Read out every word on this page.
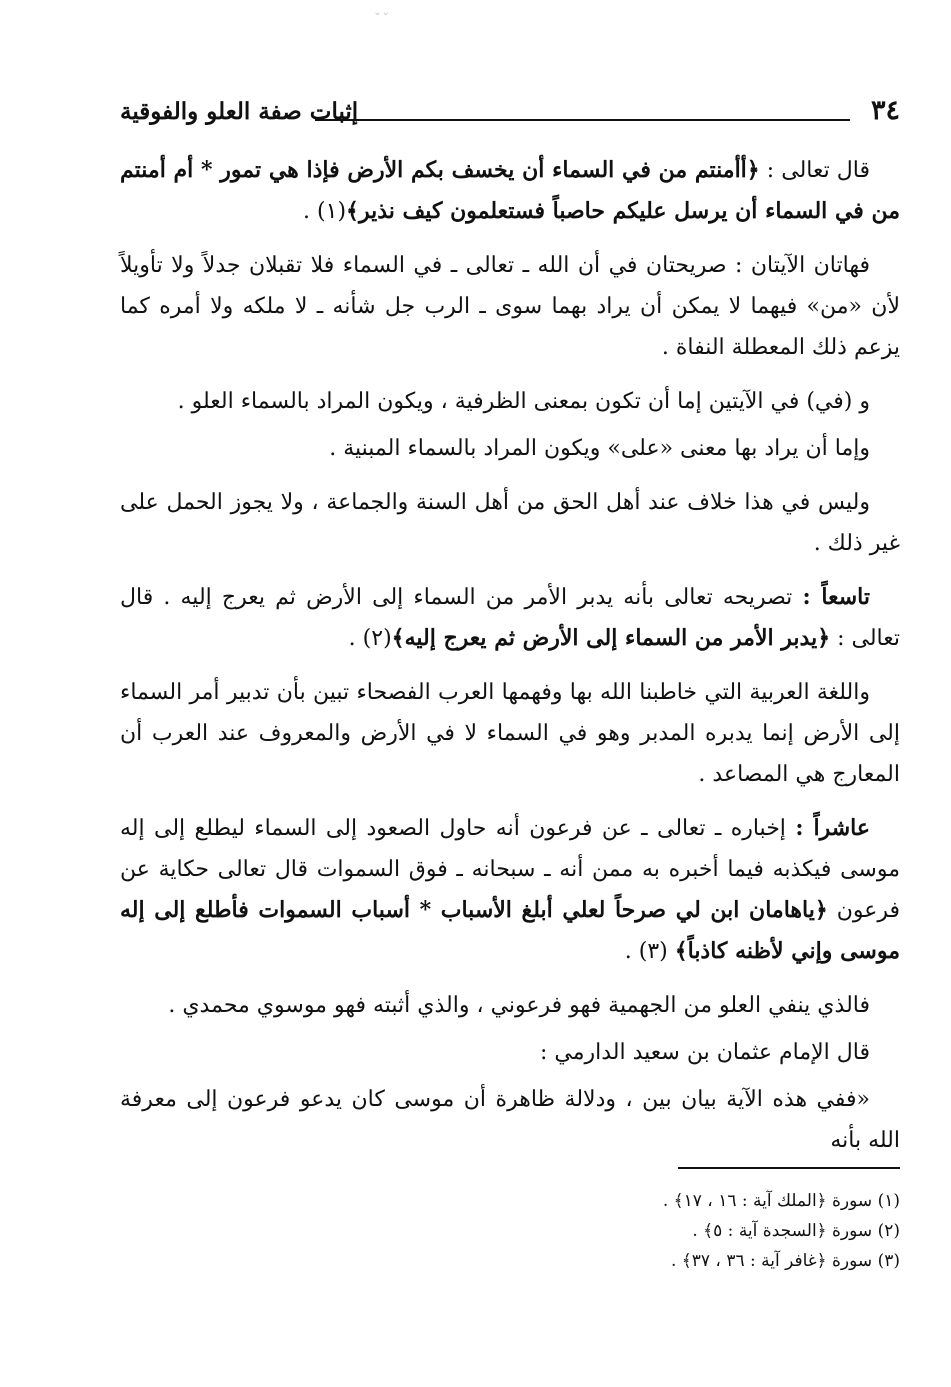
⌄⌄
٣٤
إثبات صفة العلو والفوقية

قال تعالى : ﴿أأمنتم من في السماء أن يخسف بكم الأرض فإذا هي تمور * أم أمنتم من في السماء أن يرسل عليكم حاصباً فستعلمون كيف نذير﴾(١) .

فهاتان الآيتان : صريحتان في أن الله ـ تعالى ـ في السماء فلا تقبلان جدلاً ولا تأويلاً لأن «من» فيهما لا يمكن أن يراد بهما سوى ـ الرب جل شأنه ـ لا ملكه ولا أمره كما يزعم ذلك المعطلة النفاة .

و (في) في الآيتين إما أن تكون بمعنى الظرفية ، ويكون المراد بالسماء العلو .

وإما أن يراد بها معنى «على» ويكون المراد بالسماء المبنية .

وليس في هذا خلاف عند أهل الحق من أهل السنة والجماعة ، ولا يجوز الحمل على غير ذلك .

تاسعاً : تصريحه تعالى بأنه يدبر الأمر من السماء إلى الأرض ثم يعرج إليه . قال تعالى : ﴿يدبر الأمر من السماء إلى الأرض ثم يعرج إليه﴾(٢) .

واللغة العربية التي خاطبنا الله بها وفهمها العرب الفصحاء تبين بأن تدبير أمر السماء إلى الأرض إنما يدبره المدبر وهو في السماء لا في الأرض والمعروف عند العرب أن المعارج هي المصاعد .

عاشراً : إخباره ـ تعالى ـ عن فرعون أنه حاول الصعود إلى السماء ليطلع إلى إله موسى فيكذبه فيما أخبره به ممن أنه ـ سبحانه ـ فوق السموات قال تعالى حكاية عن فرعون ﴿ياهامان ابن لي صرحاً لعلي أبلغ الأسباب * أسباب السموات فأطلع إلى إله موسى وإني لأظنه كاذباً﴾ (٣) .

فالذي ينفي العلو من الجهمية فهو فرعوني ، والذي أثبته فهو موسوي محمدي .

قال الإمام عثمان بن سعيد الدارمي :

«ففي هذه الآية بيان بين ، ودلالة ظاهرة أن موسى كان يدعو فرعون إلى معرفة الله بأنه

(١) سورة ﴿الملك آية : ١٦ ، ١٧﴾ .

(٢) سورة ﴿السجدة آية : ٥﴾ .

(٣) سورة ﴿غافر آية : ٣٦ ، ٣٧﴾ .
